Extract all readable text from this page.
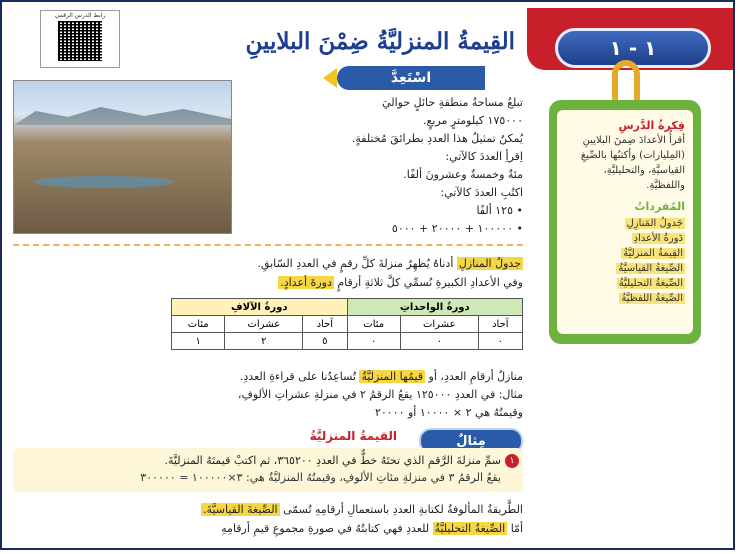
١ - ١
القِيمةُ المنزليَّةُ ضِمْنَ البلايينِ
رابط الدرس الرقمي
فِكرةُ الدَّرسِ
أقرأُ الأعدادَ ضِمنَ البلايينِ (المِليارات) وأكتبُها بالصِّيغِ القياسيَّةِ، والتحليليَّةِ، واللفظيَّةِ.
المُفرداتُ
جَدولُ المَنازِلِ
دَورةُ الأعدادِ
القِيمةُ المنزليَّةُ
الصِّيغةُ القياسيَّةُ
الصِّيغةُ التحليليَّةُ
الصِّيغةُ اللفظيَّةُ
اسْتَعِدَّ

تبلغُ مساحةُ منطقةِ حائلٍ حواليَ

١٧٥٠٠٠ كيلومترٍ مربعٍ.

يُمكنُ تمثيلُ هذا العددِ بطرائقَ مُختلفةٍ.

اِقرأِ العددَ كالآتي:

مئةٌ وخمسةٌ وعشرونَ ألفًا.

اكتُبِ العددَ كالآتي:

• ١٢٥ ألفًا

• ١٠٠٠٠٠ + ٢٠٠٠٠ + ٥٠٠٠

جدولُ المنازلِ أدناهُ يُظهِرُ منزلةَ كلِّ رقمٍ في العددِ السّابقِ.
وفي الأعدادِ الكبيرةِ نُسمِّي كلَّ ثلاثةِ أرقامٍ دورةَ أعدادٍ.
دورةُ الواحداتِ			دورةُ الآلافِ		
آحاد	عشرات	مئات	آحاد	عشرات	مئات
٠	٠	٠	٥	٢	١
منازلُ أرقامِ العددِ، أو قيمُها المنزليَّةُ تُساعِدُنا على قراءةِ العددِ.
مثال: في العددِ ١٢٥٠٠٠ يقعُ الرقمُ ٢ في منزلةِ عشراتِ الألوفِ،
وقيمتُهُ هي ٢ × ١٠٠٠٠ أو ٢٠٠٠٠
مِثالٌ
القيمةُ المنزليَّةُ
١
سمِّ منزلةَ الرَّقمِ الذي تحتَهُ خطٌّ في العددِ ٣٦٥٢٠٠، ثم اكتبْ قيمتَهُ المنزليَّةَ.
يقعُ الرقمُ ٣ في منزلةِ مئاتِ الألوفِ، وقيمتُهُ المنزليَّةُ هي: ٣×١٠٠٠٠٠ = ٣٠٠٠٠٠
الطَّريقةُ المألوفةُ لكتابةِ العددِ باستعمالِ أرقامِهِ تُسمّى الصِّيغةَ القياسيَّةَ.
أمّا الصِّيغةُ التحليليَّةُ للعددِ فهي كتابتُهُ في صورةِ مجموعِ قيمِ أرقامِهِ
